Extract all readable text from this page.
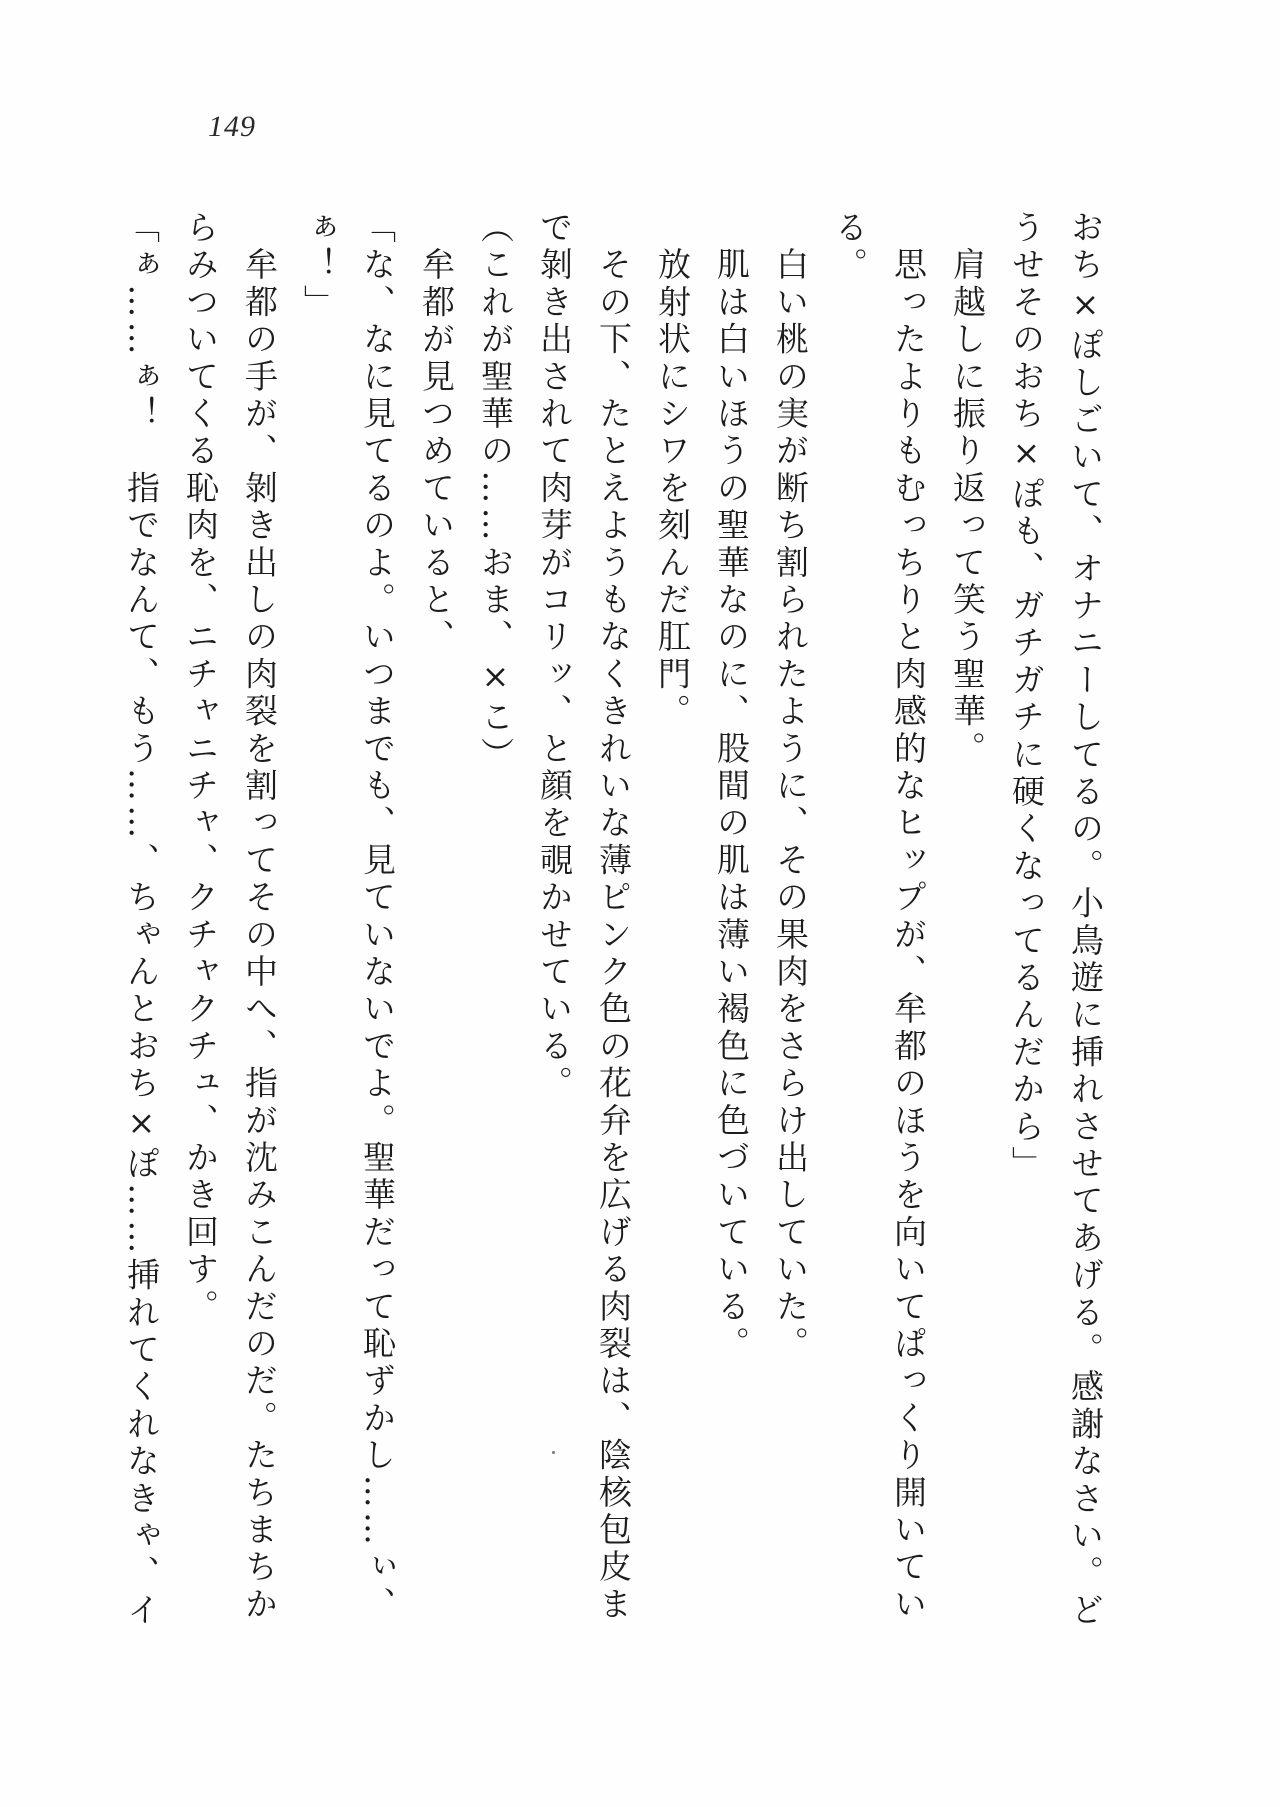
149
おち×ぽしごいて、オナニーしてるの。小鳥遊に挿れさせてあげる。感謝なさい。ど
うせそのおち×ぽも、ガチガチに硬くなってるんだから」
　肩越しに振り返って笑う聖華。
　思ったよりもむっちりと肉感的なヒップが、牟都のほうを向いてぱっくり開いてい
る。
　白い桃の実が断ち割られたように、その果肉をさらけ出していた。
　肌は白いほうの聖華なのに、股間の肌は薄い褐色に色づいている。
　放射状にシワを刻んだ肛門。
　その下、たとえようもなくきれいな薄ピンク色の花弁を広げる肉裂は、陰核包皮ま
で剝き出されて肉芽がコリッ、と顔を覗かせている。
（これが聖華の……おま、×こ）
　牟都が見つめていると、
「な、なに見てるのよ。いつまでも、見ていないでよ。聖華だって恥ずかし……ぃ、
ぁ！」
　牟都の手が、剝き出しの肉裂を割ってその中へ、指が沈みこんだのだ。たちまちか
らみついてくる恥肉を、ニチャニチャ、クチャクチュ、かき回す。
「ぁ……ぁ！　指でなんて、もう……、ちゃんとおち×ぽ……挿れてくれなきゃ、イ
